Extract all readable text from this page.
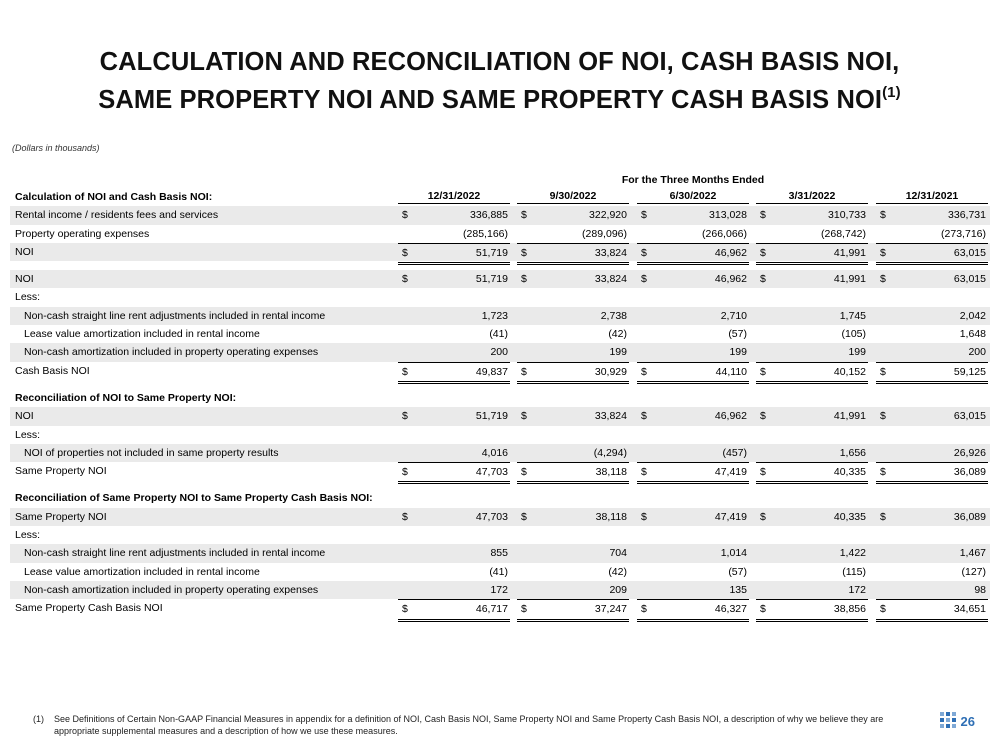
CALCULATION AND RECONCILIATION OF NOI, CASH BASIS NOI,
SAME PROPERTY NOI AND SAME PROPERTY CASH BASIS NOI$^{(1)}$
(Dollars in thousands)
For the Three Months Ended
Calculation of NOI and Cash Basis NOI:	12/31/2022	9/30/2022	6/30/2022	3/31/2022	12/31/2021
Rental income / residents fees and services	$	336,885 $	322,920 $	313,028 $	310,733 $	336,731
Property operating expenses	(285,166)	(289,096)	(266,066)	(268,742)	(273,716)
NOI	$	51,719 $	33,824 $	46,962 $	41,991 $	63,015
NOI	$	51,719 $	33,824 $	46,962 $	41,991 $	63,015
Less:
Non-cash straight line rent adjustments included in rental income	1,723	2,738	2,710	1,745	2,042
Lease value amortization included in rental income	(41)	(42)	(57)	(105)	1,648
Non-cash amortization included in property operating expenses	200	199	199	199	200
Cash Basis NOI	$	49,837 $	30,929 $	44,110 $	40,152 $	59,125
Reconciliation of NOI to Same Property NOI:
NOI	$	51,719 $	33,824 $	46,962 $	41,991 $	63,015
Less:
NOI of properties not included in same property results	4,016	(4,294)	(457)	1,656	26,926
Same Property NOI	$	47,703 $	38,118 $	47,419 $	40,335 $	36,089
Reconciliation of Same Property NOI to Same Property Cash Basis NOI:
Same Property NOI	$	47,703 $	38,118 $	47,419 $	40,335 $	36,089
Less:
Non-cash straight line rent adjustments included in rental income	855	704	1,014	1,422	1,467
Lease value amortization included in rental income	(41)	(42)	(57)	(115)	(127)
Non-cash amortization included in property operating expenses	172	209	135	172	98
Same Property Cash Basis NOI	$	46,717 $	37,247 $	46,327 $	38,856 $	34,651
(1) See Definitions of Certain Non-GAAP Financial Measures in appendix for a definition of NOI, Cash Basis NOI, Same Property NOI and Same Property Cash Basis NOI, a description of why we believe they are appropriate supplemental measures and a description of how we use these measures.
26
